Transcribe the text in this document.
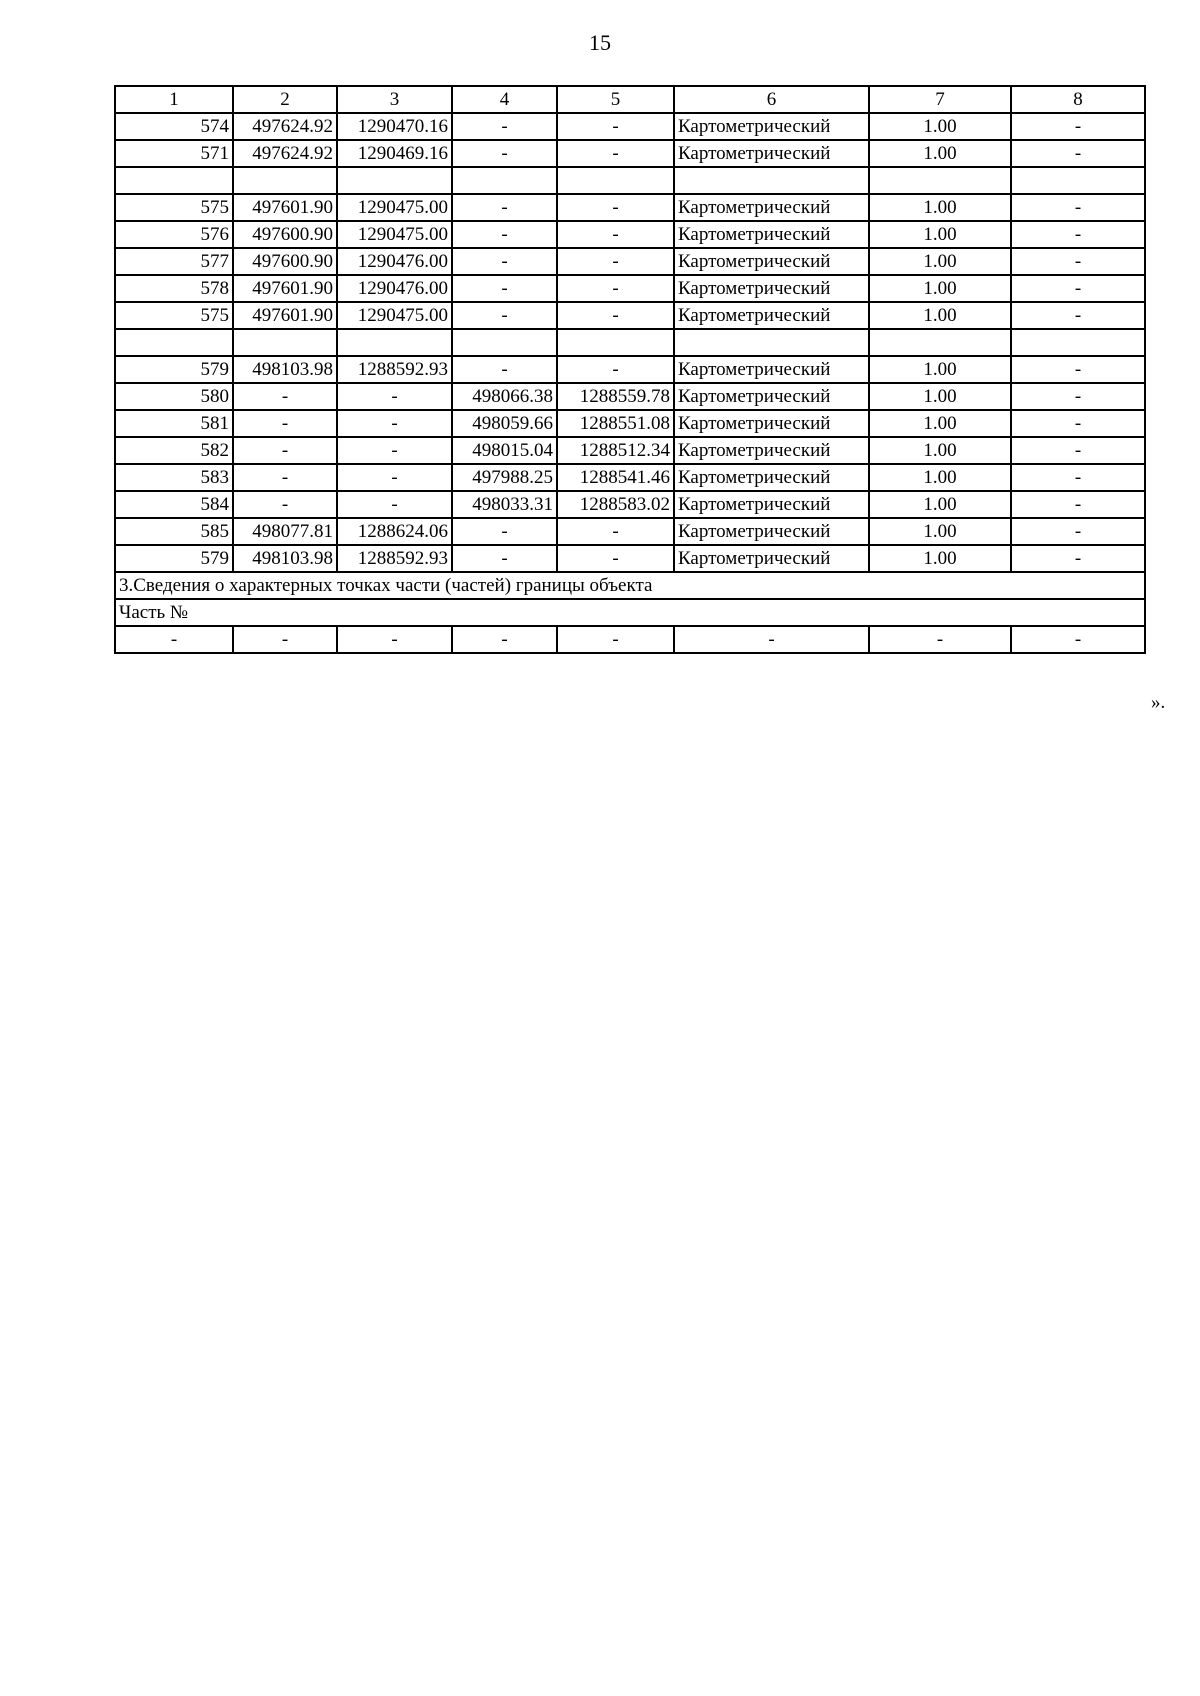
15
1	2	3	4	5	6	7	8
574	497624.92	1290470.16	-	-	Картометрический	1.00	-
571	497624.92	1290469.16	-	-	Картометрический	1.00	-

575	497601.90	1290475.00	-	-	Картометрический	1.00	-
576	497600.90	1290475.00	-	-	Картометрический	1.00	-
577	497600.90	1290476.00	-	-	Картометрический	1.00	-
578	497601.90	1290476.00	-	-	Картометрический	1.00	-
575	497601.90	1290475.00	-	-	Картометрический	1.00	-

579	498103.98	1288592.93	-	-	Картометрический	1.00	-
580	-	-	498066.38	1288559.78	Картометрический	1.00	-
581	-	-	498059.66	1288551.08	Картометрический	1.00	-
582	-	-	498015.04	1288512.34	Картометрический	1.00	-
583	-	-	497988.25	1288541.46	Картометрический	1.00	-
584	-	-	498033.31	1288583.02	Картометрический	1.00	-
585	498077.81	1288624.06	-	-	Картометрический	1.00	-
579	498103.98	1288592.93	-	-	Картометрический	1.00	-
3.Сведения о характерных точках части (частей) границы объекта							
Часть №							
-	-	-	-	-	-	-	-
».
